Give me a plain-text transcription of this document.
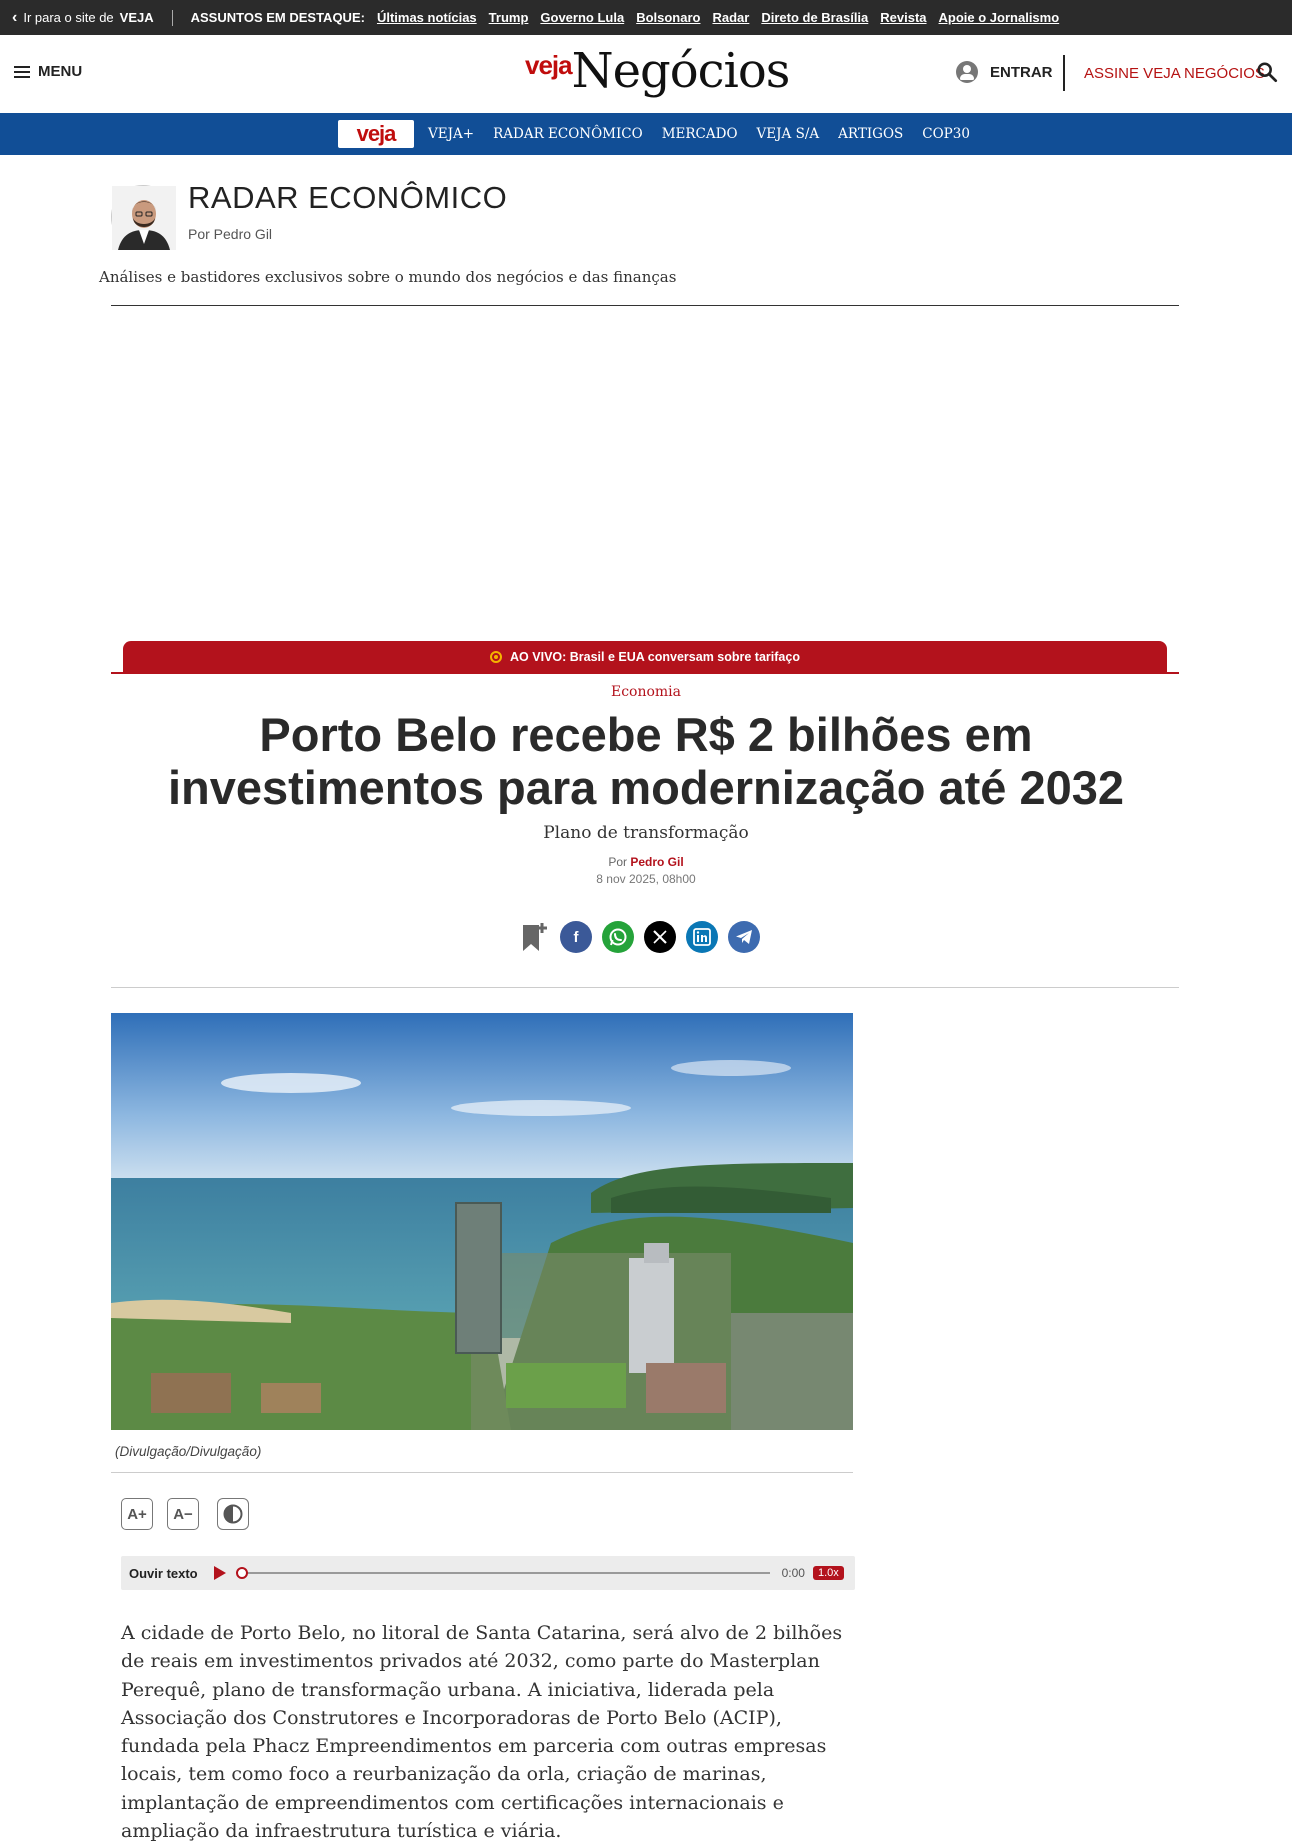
‹ Ir para o site de VEJA	ASSUNTOS EM DESTAQUE: Últimas notícias Trump Governo Lula Bolsonaro Radar Direto de Brasília Revista Apoie o Jornalismo
MENU	veja Negócios	ENTRAR ASSINE VEJA NEGÓCIOS
veja	VEJA+ RADAR ECONÔMICO MERCADO VEJA S/A ARTIGOS COP30
RADAR ECONÔMICO
Por Pedro Gil
Análises e bastidores exclusivos sobre o mundo dos negócios e das finanças
AO VIVO: Brasil e EUA conversam sobre tarifaço
Economia
Porto Belo recebe R$ 2 bilhões em investimentos para modernização até 2032
Plano de transformação
Por Pedro Gil
8 nov 2025, 08h00
f
(Divulgação/Divulgação)
A+	A−
Ouvir texto	0:00	1.0x

A cidade de Porto Belo, no litoral de Santa Catarina, será alvo de 2 bilhões de reais em investimentos privados até 2032, como parte do Masterplan Perequê, plano de transformação urbana. A iniciativa, liderada pela Associação dos Construtores e Incorporadoras de Porto Belo (ACIP), fundada pela Phacz Empreendimentos em parceria com outras empresas locais, tem como foco a reurbanização da orla, criação de marinas, implantação de empreendimentos com certificações internacionais e ampliação da infraestrutura turística e viária.
